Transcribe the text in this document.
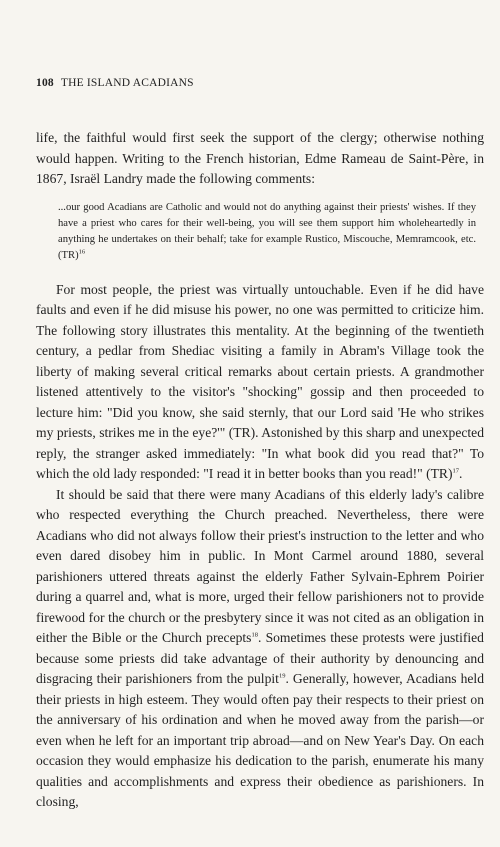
108 THE ISLAND ACADIANS

life, the faithful would first seek the support of the clergy; otherwise nothing would happen. Writing to the French historian, Edme Rameau de Saint-Père, in 1867, Israël Landry made the following comments:

...our good Acadians are Catholic and would not do anything against their priests' wishes. If they have a priest who cares for their well-being, you will see them support him wholeheartedly in anything he undertakes on their behalf; take for example Rustico, Miscouche, Memramcook, etc. (TR)$^{16}$

For most people, the priest was virtually untouchable. Even if he did have faults and even if he did misuse his power, no one was permitted to criticize him. The following story illustrates this mentality. At the beginning of the twentieth century, a pedlar from Shediac visiting a family in Abram's Village took the liberty of making several critical remarks about certain priests. A grandmother listened attentively to the visitor's "shocking" gossip and then proceeded to lecture him: "Did you know, she said sternly, that our Lord said 'He who strikes my priests, strikes me in the eye?'" (TR). Astonished by this sharp and unexpected reply, the stranger asked immediately: "In what book did you read that?" To which the old lady responded: "I read it in better books than you read!" (TR)$^{17}$.

It should be said that there were many Acadians of this elderly lady's calibre who respected everything the Church preached. Nevertheless, there were Acadians who did not always follow their priest's instruction to the letter and who even dared disobey him in public. In Mont Carmel around 1880, several parishioners uttered threats against the elderly Father Sylvain-Ephrem Poirier during a quarrel and, what is more, urged their fellow parishioners not to provide firewood for the church or the presbytery since it was not cited as an obligation in either the Bible or the Church precepts$^{18}$. Sometimes these protests were justified because some priests did take advantage of their authority by denouncing and disgracing their parishioners from the pulpit$^{19}$. Generally, however, Acadians held their priests in high esteem. They would often pay their respects to their priest on the anniversary of his ordination and when he moved away from the parish—or even when he left for an important trip abroad—and on New Year's Day. On each occasion they would emphasize his dedication to the parish, enumerate his many qualities and accomplishments and express their obedience as parishioners. In closing,
